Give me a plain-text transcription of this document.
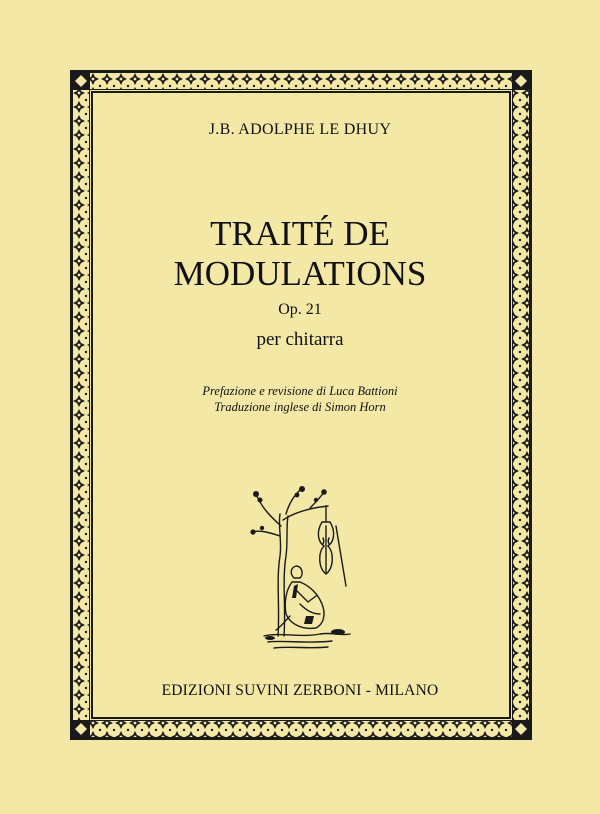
J.B. ADOLPHE LE DHUY
TRAITÉ DE
MODULATIONS
Op. 21
per chitarra
Prefazione e revisione di Luca Battioni
Traduzione inglese di Simon Horn
EDIZIONI SUVINI ZERBONI - MILANO
